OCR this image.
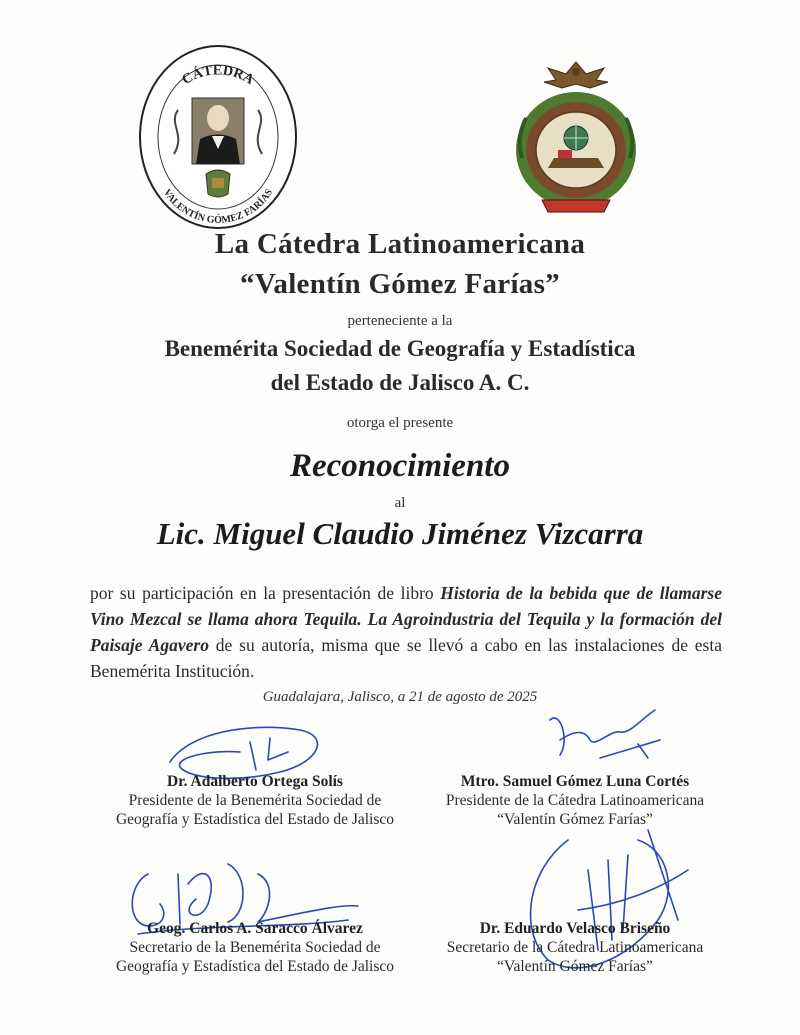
CÁTEDRA
VALENTÍN GÓMEZ FARÍAS
La Cátedra Latinoamericana
“Valentín Gómez Farías”
perteneciente a la
Benemérita Sociedad de Geografía y Estadística
del Estado de Jalisco A. C.
otorga el presente
Reconocimiento
al
Lic. Miguel Claudio Jiménez Vizcarra
por su participación en la presentación de libro Historia de la bebida que de llamarse Vino Mezcal se llama ahora Tequila. La Agroindustria del Tequila y la formación del Paisaje Agavero de su autoría, misma que se llevó a cabo en las instalaciones de esta Benemérita Institución.
Guadalajara, Jalisco, a 21 de agosto de 2025
Dr. Adalberto Ortega Solís
Presidente de la Benemérita Sociedad de
Geografía y Estadística del Estado de Jalisco
Mtro. Samuel Gómez Luna Cortés
Presidente de la Cátedra Latinoamericana
“Valentín Gómez Farías”
Geog. Carlos A. Saracco Álvarez
Secretario de la Benemérita Sociedad de
Geografía y Estadística del Estado de Jalisco
Dr. Eduardo Velasco Briseño
Secretario de la Cátedra Latinoamericana
“Valentín Gómez Farías”
